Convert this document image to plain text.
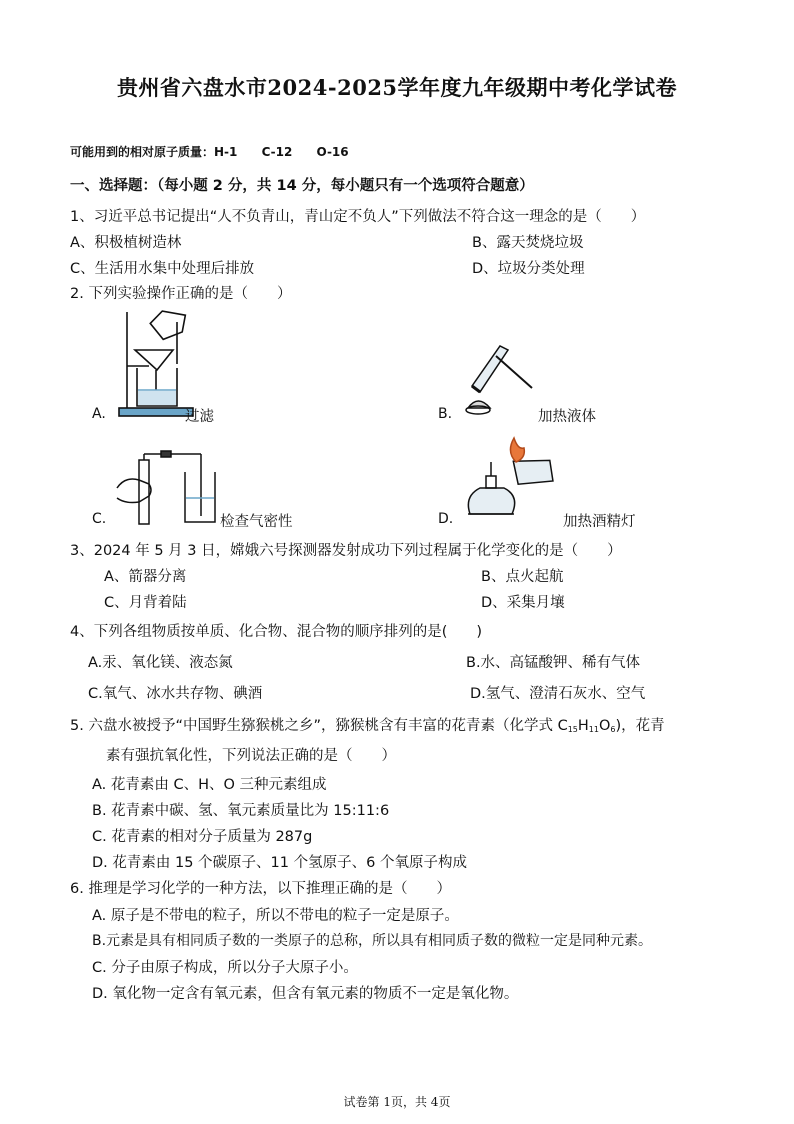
贵州省六盘水市2024-2025学年度九年级期中考化学试卷
可能用到的相对原子质量：H-1 C-12 O-16
一、选择题：（每小题 2 分，共 14 分，每小题只有一个选项符合题意）
1、习近平总书记提出“人不负青山，青山定不负人”下列做法不符合这一理念的是（　　）
A、积极植树造林	B、露天焚烧垃圾
C、生活用水集中处理后排放	D、垃圾分类处理
2. 下列实验操作正确的是（　　）
A.	过滤	B.	加热液体
C.	检查气密性	D.	加热酒精灯
3、2024 年 5 月 3 日，嫦娥六号探测器发射成功下列过程属于化学变化的是（　　）
A、箭器分离	B、点火起航
C、月背着陆	D、采集月壤
4、下列各组物质按单质、化合物、混合物的顺序排列的是(　　)
A.汞、氧化镁、液态氮	B.水、高锰酸钾、稀有气体
C.氧气、冰水共存物、碘酒	D.氢气、澄清石灰水、空气
5. 六盘水被授予“中国野生猕猴桃之乡”，猕猴桃含有丰富的花青素（化学式 $C_{15}H_{11}O_6$)，花青
素有强抗氧化性，下列说法正确的是（　　）
A. 花青素由 C、H、O 三种元素组成
B. 花青素中碳、氢、氧元素质量比为 15:11:6
C. 花青素的相对分子质量为 287g
D. 花青素由 15 个碳原子、11 个氢原子、6 个氧原子构成
6. 推理是学习化学的一种方法，以下推理正确的是（　　）
A. 原子是不带电的粒子，所以不带电的粒子一定是原子。
B.元素是具有相同质子数的一类原子的总称，所以具有相同质子数的微粒一定是同种元素。
C. 分子由原子构成，所以分子大原子小。
D. 氧化物一定含有氧元素，但含有氧元素的物质不一定是氧化物。
试卷第 1页，共 4页
